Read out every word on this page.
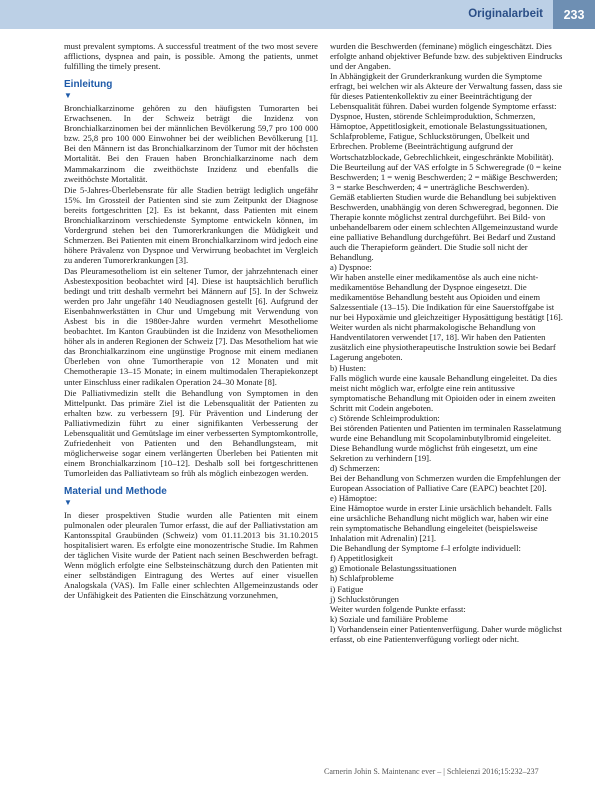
Originalarbeit	233

must prevalent symptoms. A successful treatment of the two most severe afflictions, dyspnea and pain, is possible. Among the patients, unmet fulfilling the timely present.

Einleitung
▼

Bronchialkarzinome gehören zu den häufigsten Tumorarten bei Erwachsenen. In der Schweiz beträgt die Inzidenz von Bronchialkarzinomen bei der männlichen Bevölkerung 59,7 pro 100 000 bzw. 25,8 pro 100 000 Einwohner bei der weiblichen Bevölkerung [1]. Bei den Männern ist das Bronchialkarzinom der Tumor mit der höchsten Mortalität. Bei den Frauen haben Bronchialkarzinome nach dem Mammakarzinom die zweithöchste Inzidenz und ebenfalls die zweithöchste Mortalität.

Die 5-Jahres-Überlebensrate für alle Stadien beträgt lediglich ungefähr 15%. Im Grossteil der Patienten sind sie zum Zeitpunkt der Diagnose bereits fortgeschritten [2]. Es ist bekannt, dass Patienten mit einem Bronchialkarzinom verschiedenste Symptome entwickeln können, im Vordergrund stehen bei den Tumorerkrankungen die Müdigkeit und Schmerzen. Bei Patienten mit einem Bronchialkarzinom wird jedoch eine höhere Prävalenz von Dyspnoe und Verwirrung beobachtet im Vergleich zu anderen Tumorerkrankungen [3].

Das Pleuramesotheliom ist ein seltener Tumor, der jahrzehntenach einer Asbestexposition beobachtet wird [4]. Diese ist hauptsächlich beruflich bedingt und tritt deshalb vermehrt bei Männern auf [5]. In der Schweiz werden pro Jahr ungefähr 140 Neudiagnosen gestellt [6]. Aufgrund der Eisenbahnwerkstätten in Chur und Umgebung mit Verwendung von Asbest bis in die 1980er-Jahre wurden vermehrt Mesotheliome beobachtet. Im Kanton Graubünden ist die Inzidenz von Mesotheliomen höher als in anderen Regionen der Schweiz [7]. Das Mesotheliom hat wie das Bronchialkarzinom eine ungünstige Prognose mit einem medianen Überleben von ohne Tumortherapie von 12 Monaten und mit Chemotherapie 13–15 Monate; in einem multimodalen Therapiekonzept unter Einschluss einer radikalen Operation 24–30 Monate [8].

Die Palliativmedizin stellt die Behandlung von Symptomen in den Mittelpunkt. Das primäre Ziel ist die Lebensqualität der Patienten zu erhalten bzw. zu verbessern [9]. Für Prävention und Linderung der Palliativmedizin führt zu einer signifikanten Verbesserung der Lebensqualität und Gemütslage im einer verbesserten Symptomkontrolle, Zufriedenheit von Patienten und den Behandlungsteam, mit möglicherweise sogar einem verlängerten Überleben bei Patienten mit einem Bronchialkarzinom [10–12]. Deshalb soll bei fortgeschrittenen Tumorleiden das Palliativteam so früh als möglich einbezogen werden.

Material und Methode
▼

In dieser prospektiven Studie wurden alle Patienten mit einem pulmonalen oder pleuralen Tumor erfasst, die auf der Palliativstation am Kantonsspital Graubünden (Schweiz) vom 01.11.2013 bis 31.10.2015 hospitalisiert waren. Es erfolgte eine monozentrische Studie. Im Rahmen der täglichen Visite wurde der Patient nach seinen Beschwerden befragt. Wenn möglich erfolgte eine Selbsteinschätzung durch den Patienten mit einer selbständigen Eintragung des Wertes auf einer visuellen Analogskala (VAS). Im Falle einer schlechten Allgemeinzustands oder der Unfähigkeit des Patienten die Einschätzung vorzunehmen,

wurden die Beschwerden (feminane) möglich eingeschätzt. Dies erfolgte anhand objektiver Befunde bzw. des subjektiven Eindrucks und der Angaben.

In Abhängigkeit der Grunderkrankung wurden die Symptome erfragt, bei welchen wir als Akteure der Verwaltung fassen, dass sie für dieses Patientenkollektiv zu einer Beeinträchtigung der Lebensqualität führen. Dabei wurden folgende Symptome erfasst: Dyspnoe, Husten, störende Schleimproduktion, Schmerzen, Hämoptoe, Appetitlosigkeit, emotionale Belastungssituationen, Schlafprobleme, Fatigue, Schluckstörungen, Übelkeit und Erbrechen. Probleme (Beeinträchtigung aufgrund der Wortschatzblockade, Gebrechlichkeit, eingeschränkte Mobilität). Die Beurteilung auf der VAS erfolgte in 5 Schweregrade (0 = keine Beschwerden; 1 = wenig Beschwerden; 2 = mäßige Beschwerden; 3 = starke Beschwerden; 4 = unerträgliche Beschwerden).

Gemäß etablierten Studien wurde die Behandlung bei subjektiven Beschwerden, unabhängig von deren Schweregrad, begonnen. Die Therapie konnte möglichst zentral durchgeführt. Bei Bild- von unbehandelbarem oder einem schlechten Allgemeinzustand wurde eine palliative Behandlung durchgeführt. Bei Bedarf und Zustand auch die Therapieform geändert. Die Studie soll nicht der Behandlung.

a) Dyspnoe:

Wir haben anstelle einer medikamentöse als auch eine nicht-medikamentöse Behandlung der Dyspnoe eingesetzt. Die medikamentöse Behandlung besteht aus Opioiden und einem Salzessentiale (13–15). Die Indikation für eine Sauerstoffgabe ist nur bei Hypoxämie und gleichzeitiger Hyposättigung bestätigt [16]. Weiter wurden als nicht pharmakologische Behandlung von Handventilatoren verwendet [17, 18]. Wir haben den Patienten zusätzlich eine physiotherapeutische Instruktion sowie bei Bedarf Lagerung angeboten.

b) Husten:

Falls möglich wurde eine kausale Behandlung eingeleitet. Da dies meist nicht möglich war, erfolgte eine rein antitussive symptomatische Behandlung mit Opioiden oder in einem zweiten Schritt mit Codein angeboten.

c) Störende Schleimproduktion:

Bei störenden Patienten und Patienten im terminalen Rasselatmung wurde eine Behandlung mit Scopolaminbutylbromid eingeleitet. Diese Behandlung wurde möglichst früh eingesetzt, um eine Sekretion zu verhindern [19].

d) Schmerzen:

Bei der Behandlung von Schmerzen wurden die Empfehlungen der European Association of Palliative Care (EAPC) beachtet [20].

e) Hämoptoe:

Eine Hämoptoe wurde in erster Linie ursächlich behandelt. Falls eine ursächliche Behandlung nicht möglich war, haben wir eine rein symptomatische Behandlung eingeleitet (beispielsweise Inhalation mit Adrenalin) [21].

Die Behandlung der Symptome f–l erfolgte individuell:

f) Appetitlosigkeit

g) Emotionale Belastungssituationen

h) Schlafprobleme

i) Fatigue

j) Schluckstörungen

Weiter wurden folgende Punkte erfasst:

k) Soziale und familiäre Probleme

l) Vorhandensein einer Patientenverfügung. Daher wurde möglichst erfasst, ob eine Patientenverfügung vorliegt oder nicht.

Carnerin Johin S. Maintenanc ever – | Schleienzi 2016;15:232–237
